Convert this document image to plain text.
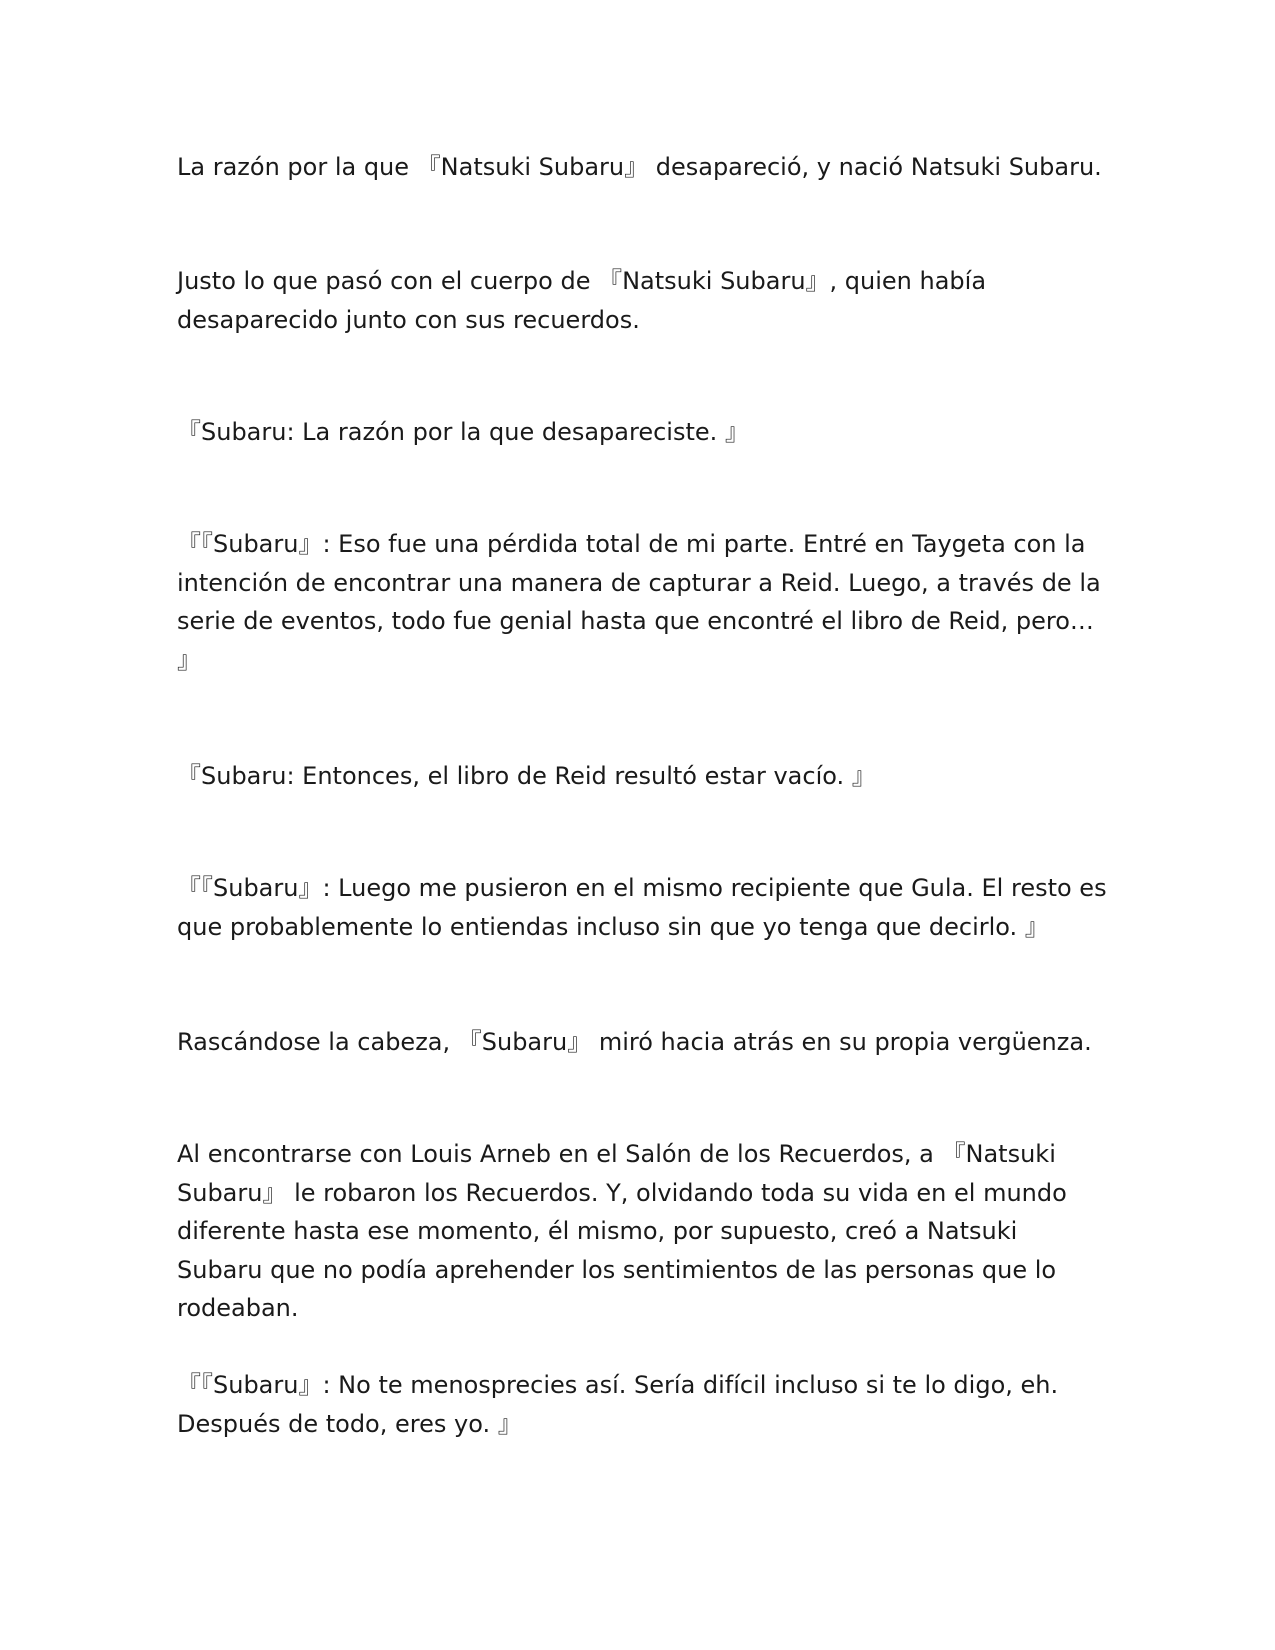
La razón por la que 『Natsuki Subaru』 desapareció, y nació Natsuki Subaru.

Justo lo que pasó con el cuerpo de 『Natsuki Subaru』, quien había desaparecido junto con sus recuerdos.

『Subaru: La razón por la que desapareciste. 』

『『Subaru』: Eso fue una pérdida total de mi parte. Entré en Taygeta con la intención de encontrar una manera de capturar a Reid. Luego, a través de la serie de eventos, todo fue genial hasta que encontré el libro de Reid, pero… 』

『Subaru: Entonces, el libro de Reid resultó estar vacío. 』

『『Subaru』: Luego me pusieron en el mismo recipiente que Gula. El resto es que probablemente lo entiendas incluso sin que yo tenga que decirlo. 』

Rascándose la cabeza, 『Subaru』 miró hacia atrás en su propia vergüenza.

Al encontrarse con Louis Arneb en el Salón de los Recuerdos, a 『Natsuki Subaru』 le robaron los Recuerdos. Y, olvidando toda su vida en el mundo diferente hasta ese momento, él mismo, por supuesto, creó a Natsuki Subaru que no podía aprehender los sentimientos de las personas que lo rodeaban.

『『Subaru』: No te menosprecies así. Sería difícil incluso si te lo digo, eh. Después de todo, eres yo. 』
